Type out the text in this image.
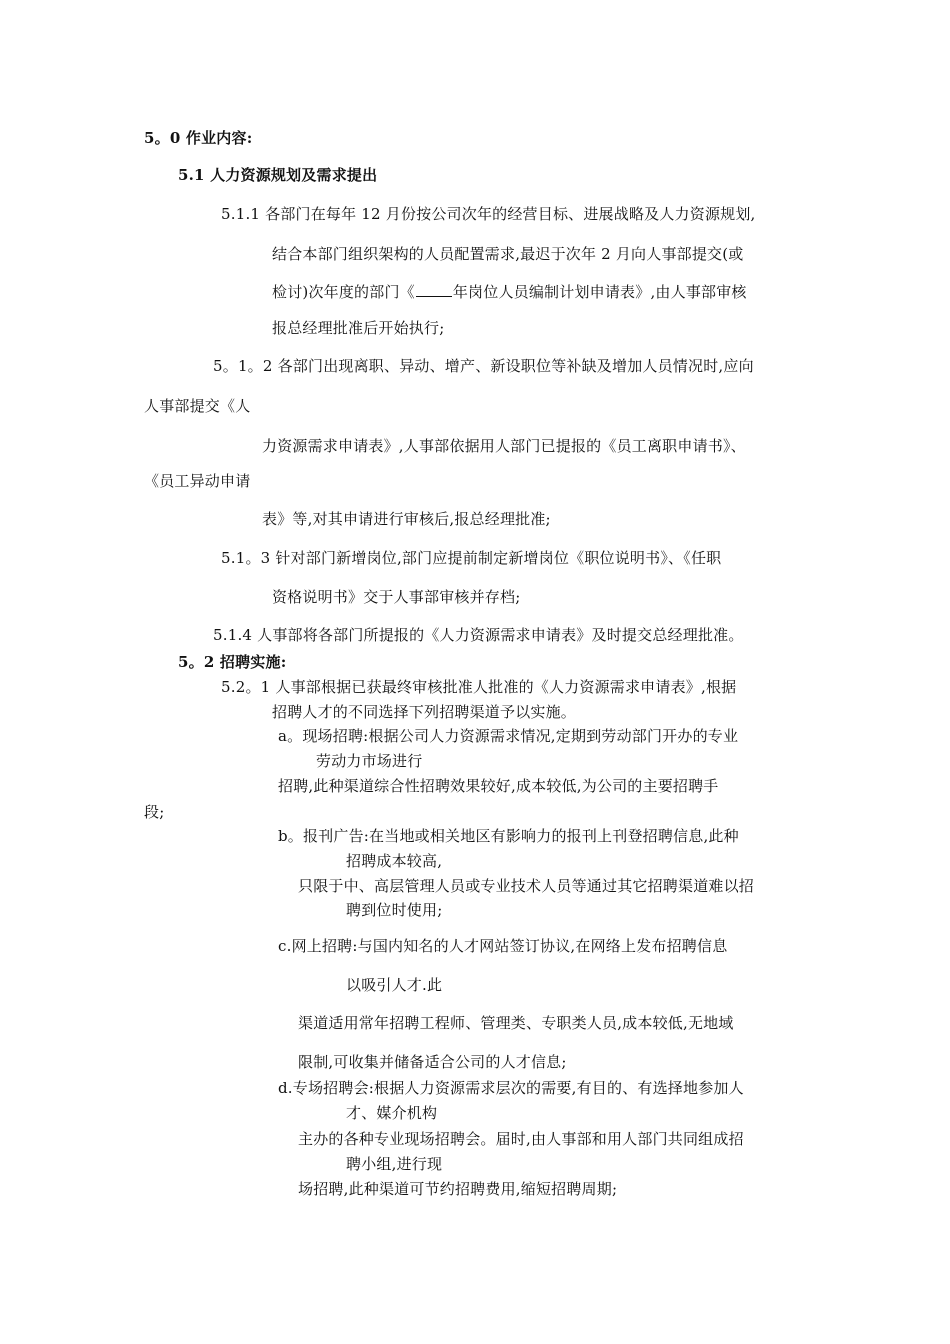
5。0 作业内容:
5.1 人力资源规划及需求提出
5.1.1 各部门在每年 12 月份按公司次年的经营目标、进展战略及人力资源规划,
结合本部门组织架构的人员配置需求,最迟于次年 2 月向人事部提交(或
检讨)次年度的部门《	年岗位人员编制计划申请表》,由人事部审核
报总经理批准后开始执行;
5。1。2 各部门出现离职、异动、增产、新设职位等补缺及增加人员情况时,应向
人事部提交《人
力资源需求申请表》,人事部依据用人部门已提报的《员工离职申请书》、
《员工异动申请
表》等,对其申请进行审核后,报总经理批准;
5.1。3 针对部门新增岗位,部门应提前制定新增岗位《职位说明书》、《任职
资格说明书》交于人事部审核并存档;
5.1.4 人事部将各部门所提报的《人力资源需求申请表》及时提交总经理批准。
5。2 招聘实施:
5.2。1 人事部根据已获最终审核批准人批准的《人力资源需求申请表》,根据
招聘人才的不同选择下列招聘渠道予以实施。
a。现场招聘:根据公司人力资源需求情况,定期到劳动部门开办的专业
劳动力市场进行
招聘,此种渠道综合性招聘效果较好,成本较低,为公司的主要招聘手
段;
b。报刊广告:在当地或相关地区有影响力的报刊上刊登招聘信息,此种
招聘成本较高,
只限于中、高层管理人员或专业技术人员等通过其它招聘渠道难以招
聘到位时使用;
c.网上招聘:与国内知名的人才网站签订协议,在网络上发布招聘信息
以吸引人才.此
渠道适用常年招聘工程师、管理类、专职类人员,成本较低,无地域
限制,可收集并储备适合公司的人才信息;
d.专场招聘会:根据人力资源需求层次的需要,有目的、有选择地参加人
才、媒介机构
主办的各种专业现场招聘会。届时,由人事部和用人部门共同组成招
聘小组,进行现
场招聘,此种渠道可节约招聘费用,缩短招聘周期;
